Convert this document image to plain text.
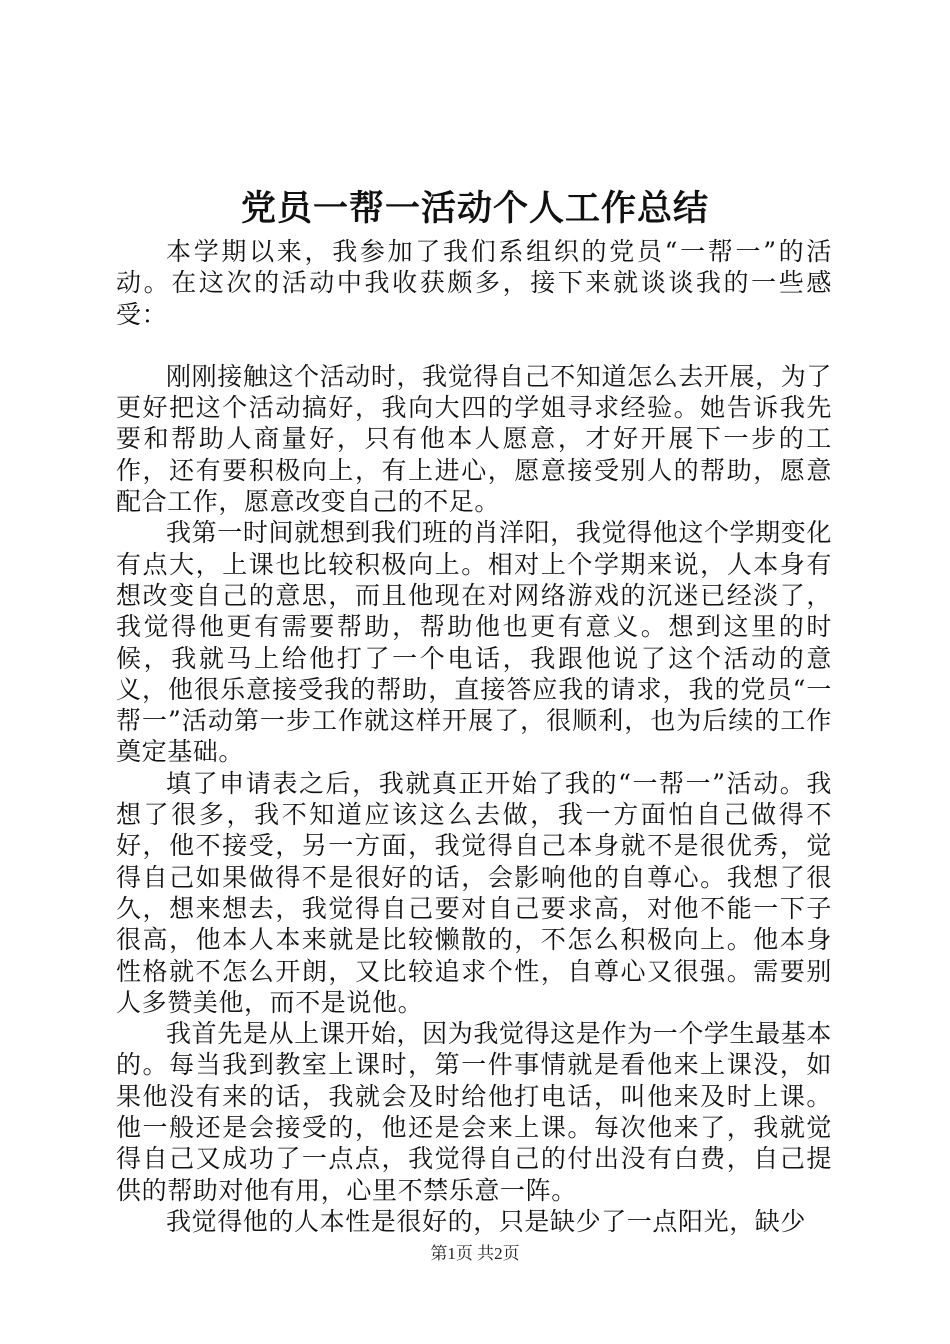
党员一帮一活动个人工作总结

本学期以来，我参加了我们系组织的党员“一帮一”的活动。在这次的活动中我收获颇多，接下来就谈谈我的一些感受：

刚刚接触这个活动时，我觉得自己不知道怎么去开展，为了更好把这个活动搞好，我向大四的学姐寻求经验。她告诉我先要和帮助人商量好，只有他本人愿意，才好开展下一步的工作，还有要积极向上，有上进心，愿意接受别人的帮助，愿意配合工作，愿意改变自己的不足。

我第一时间就想到我们班的肖洋阳，我觉得他这个学期变化有点大，上课也比较积极向上。相对上个学期来说，人本身有想改变自己的意思，而且他现在对网络游戏的沉迷已经淡了，我觉得他更有需要帮助，帮助他也更有意义。想到这里的时候，我就马上给他打了一个电话，我跟他说了这个活动的意义，他很乐意接受我的帮助，直接答应我的请求，我的党员“一帮一”活动第一步工作就这样开展了，很顺利，也为后续的工作奠定基础。

填了申请表之后，我就真正开始了我的“一帮一”活动。我想了很多，我不知道应该这么去做，我一方面怕自己做得不好，他不接受，另一方面，我觉得自己本身就不是很优秀，觉得自己如果做得不是很好的话，会影响他的自尊心。我想了很久，想来想去，我觉得自己要对自己要求高，对他不能一下子很高，他本人本来就是比较懒散的，不怎么积极向上。他本身性格就不怎么开朗，又比较追求个性，自尊心又很强。需要别人多赞美他，而不是说他。

我首先是从上课开始，因为我觉得这是作为一个学生最基本的。每当我到教室上课时，第一件事情就是看他来上课没，如果他没有来的话，我就会及时给他打电话，叫他来及时上课。他一般还是会接受的，他还是会来上课。每次他来了，我就觉得自己又成功了一点点，我觉得自己的付出没有白费，自己提供的帮助对他有用，心里不禁乐意一阵。

我觉得他的人本性是很好的，只是缺少了一点阳光，缺少

第1页 共2页
